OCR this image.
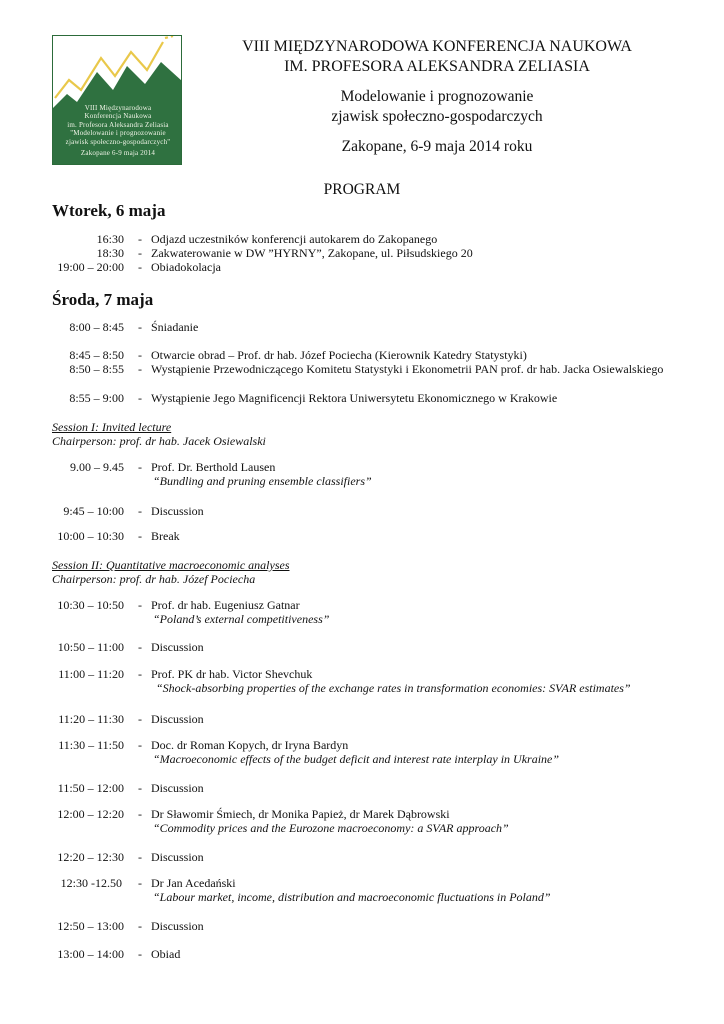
VIII Międzynarodowa
Konferencja Naukowa
im. Profesora Aleksandra Zeliasia
"Modelowanie i prognozowanie
zjawisk społeczno-gospodarczych"
Zakopane 6-9 maja 2014
VIII MIĘDZYNARODOWA KONFERENCJA NAUKOWA
IM. PROFESORA ALEKSANDRA ZELIASIA
Modelowanie i prognozowanie
zjawisk społeczno-gospodarczych
Zakopane, 6-9 maja 2014 roku
PROGRAM
Wtorek, 6 maja
16:30 - Odjazd uczestników konferencji autokarem do Zakopanego
18:30 - Zakwaterowanie w DW ”HYRNY”, Zakopane, ul. Piłsudskiego 20
19:00 – 20:00 - Obiadokolacja
Środa, 7 maja
8:00 – 8:45 - Śniadanie
8:45 – 8:50 - Otwarcie obrad – Prof. dr hab. Józef Pociecha (Kierownik Katedry Statystyki)
8:50 – 8:55 - Wystąpienie Przewodniczącego Komitetu Statystyki i Ekonometrii PAN prof. dr hab. Jacka Osiewalskiego
8:55 – 9:00 - Wystąpienie Jego Magnificencji Rektora Uniwersytetu Ekonomicznego w Krakowie
Session I: Invited lecture
Chairperson: prof. dr hab. Jacek Osiewalski
9.00 – 9.45 - Prof. Dr. Berthold Lausen
“Bundling and pruning ensemble classifiers”
9:45 – 10:00 - Discussion
10:00 – 10:30 - Break
Session II: Quantitative macroeconomic analyses
Chairperson: prof. dr hab. Józef Pociecha
10:30 – 10:50 - Prof. dr hab. Eugeniusz Gatnar
“Poland’s external competitiveness”
10:50 – 11:00 - Discussion
11:00 – 11:20 - Prof. PK dr hab. Victor Shevchuk
“Shock-absorbing properties of the exchange rates in transformation economies: SVAR estimates”
11:20 – 11:30 - Discussion
11:30 – 11:50 - Doc. dr Roman Kopych, dr Iryna Bardyn
“Macroeconomic effects of the budget deficit and interest rate interplay in Ukraine”
11:50 – 12:00 - Discussion
12:00 – 12:20 - Dr Sławomir Śmiech, dr Monika Papież, dr Marek Dąbrowski
“Commodity prices and the Eurozone macroeconomy: a SVAR approach”
12:20 – 12:30 - Discussion
12:30 -12.50 - Dr Jan Acedański
“Labour market, income, distribution and macroeconomic fluctuations in Poland”
12:50 – 13:00 - Discussion
13:00 – 14:00 - Obiad
